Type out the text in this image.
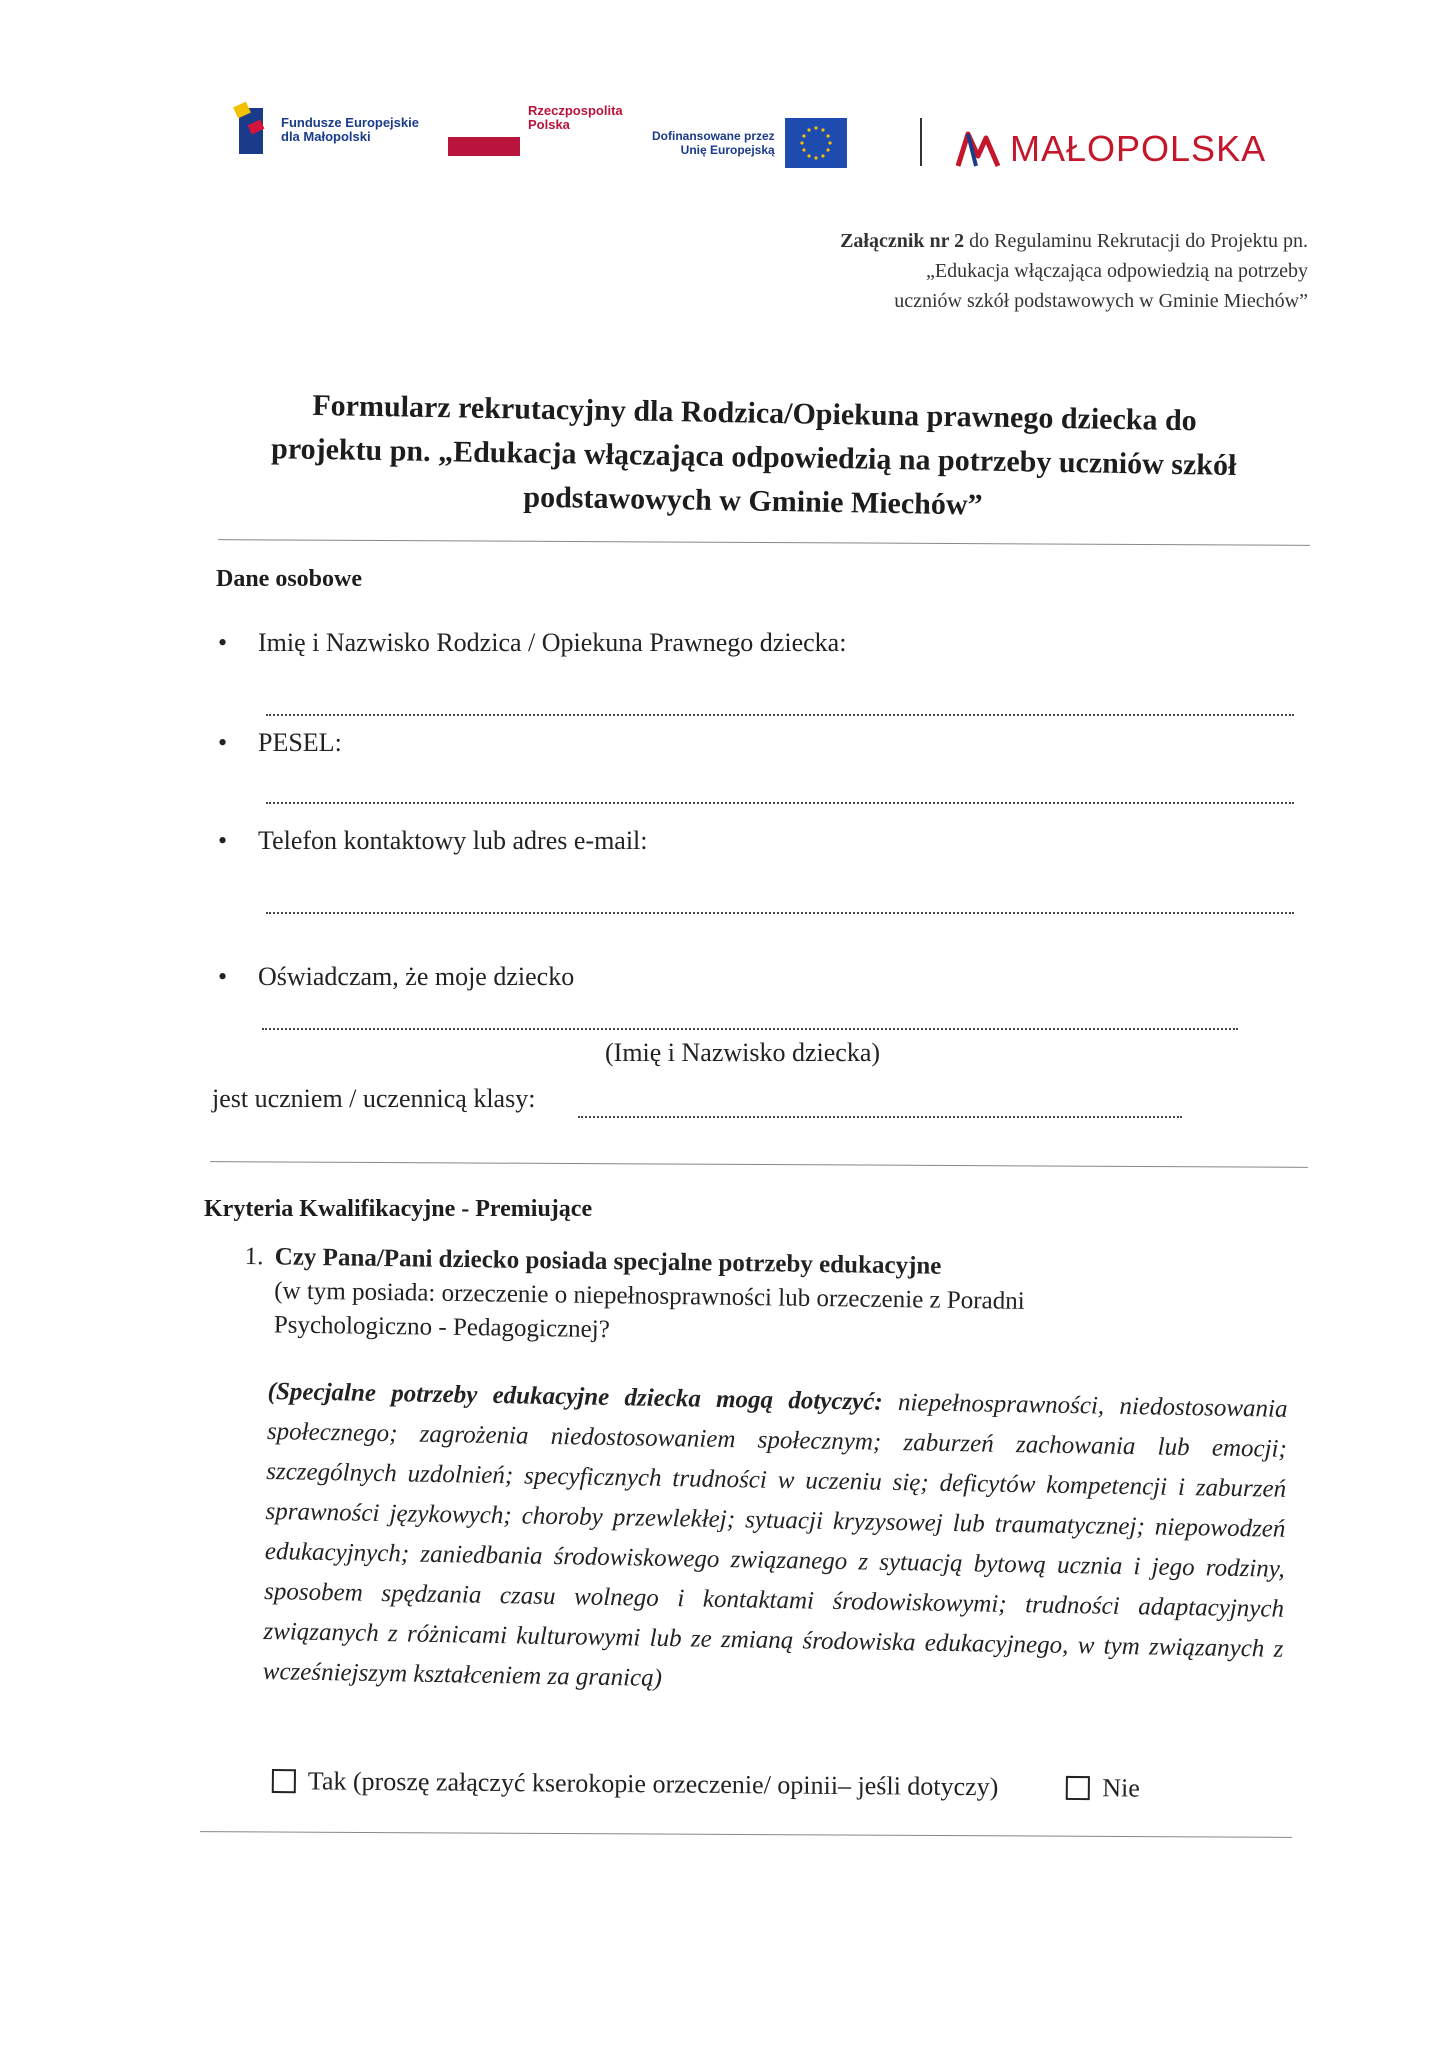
Fundusze Europejskie
dla Małopolski
Rzeczpospolita
Polska
Dofinansowane przez
Unię Europejską	MAŁOPOLSKA
Załącznik nr 2 do Regulaminu Rekrutacji do Projektu pn.
„Edukacja włączająca odpowiedzią na potrzeby
uczniów szkół podstawowych w Gminie Miechów”
Formularz rekrutacyjny dla Rodzica/Opiekuna prawnego dziecka do
projektu pn. „Edukacja włączająca odpowiedzią na potrzeby uczniów szkół
podstawowych w Gminie Miechów”
Dane osobowe
• Imię i Nazwisko Rodzica / Opiekuna Prawnego dziecka:
• PESEL:
• Telefon kontaktowy lub adres e-mail:
• Oświadczam, że moje dziecko
(Imię i Nazwisko dziecka)
jest uczniem / uczennicą klasy:
Kryteria Kwalifikacyjne - Premiujące
1. Czy Pana/Pani dziecko posiada specjalne potrzeby edukacyjne
(w tym posiada: orzeczenie o niepełnosprawności lub orzeczenie z Poradni
Psychologiczno - Pedagogicznej?
(Specjalne potrzeby edukacyjne dziecka mogą dotyczyć: niepełnosprawności, niedostosowania społecznego; zagrożenia niedostosowaniem społecznym; zaburzeń zachowania lub emocji; szczególnych uzdolnień; specyficznych trudności w uczeniu się; deficytów kompetencji i zaburzeń sprawności językowych; choroby przewlekłej; sytuacji kryzysowej lub traumatycznej; niepowodzeń edukacyjnych; zaniedbania środowiskowego związanego z sytuacją bytową ucznia i jego rodziny, sposobem spędzania czasu wolnego i kontaktami środowiskowymi; trudności adaptacyjnych związanych z różnicami kulturowymi lub ze zmianą środowiska edukacyjnego, w tym związanych z wcześniejszym kształceniem za granicą)
Tak (proszę załączyć kserokopie orzeczenie/ opinii– jeśli dotyczy)	Nie
